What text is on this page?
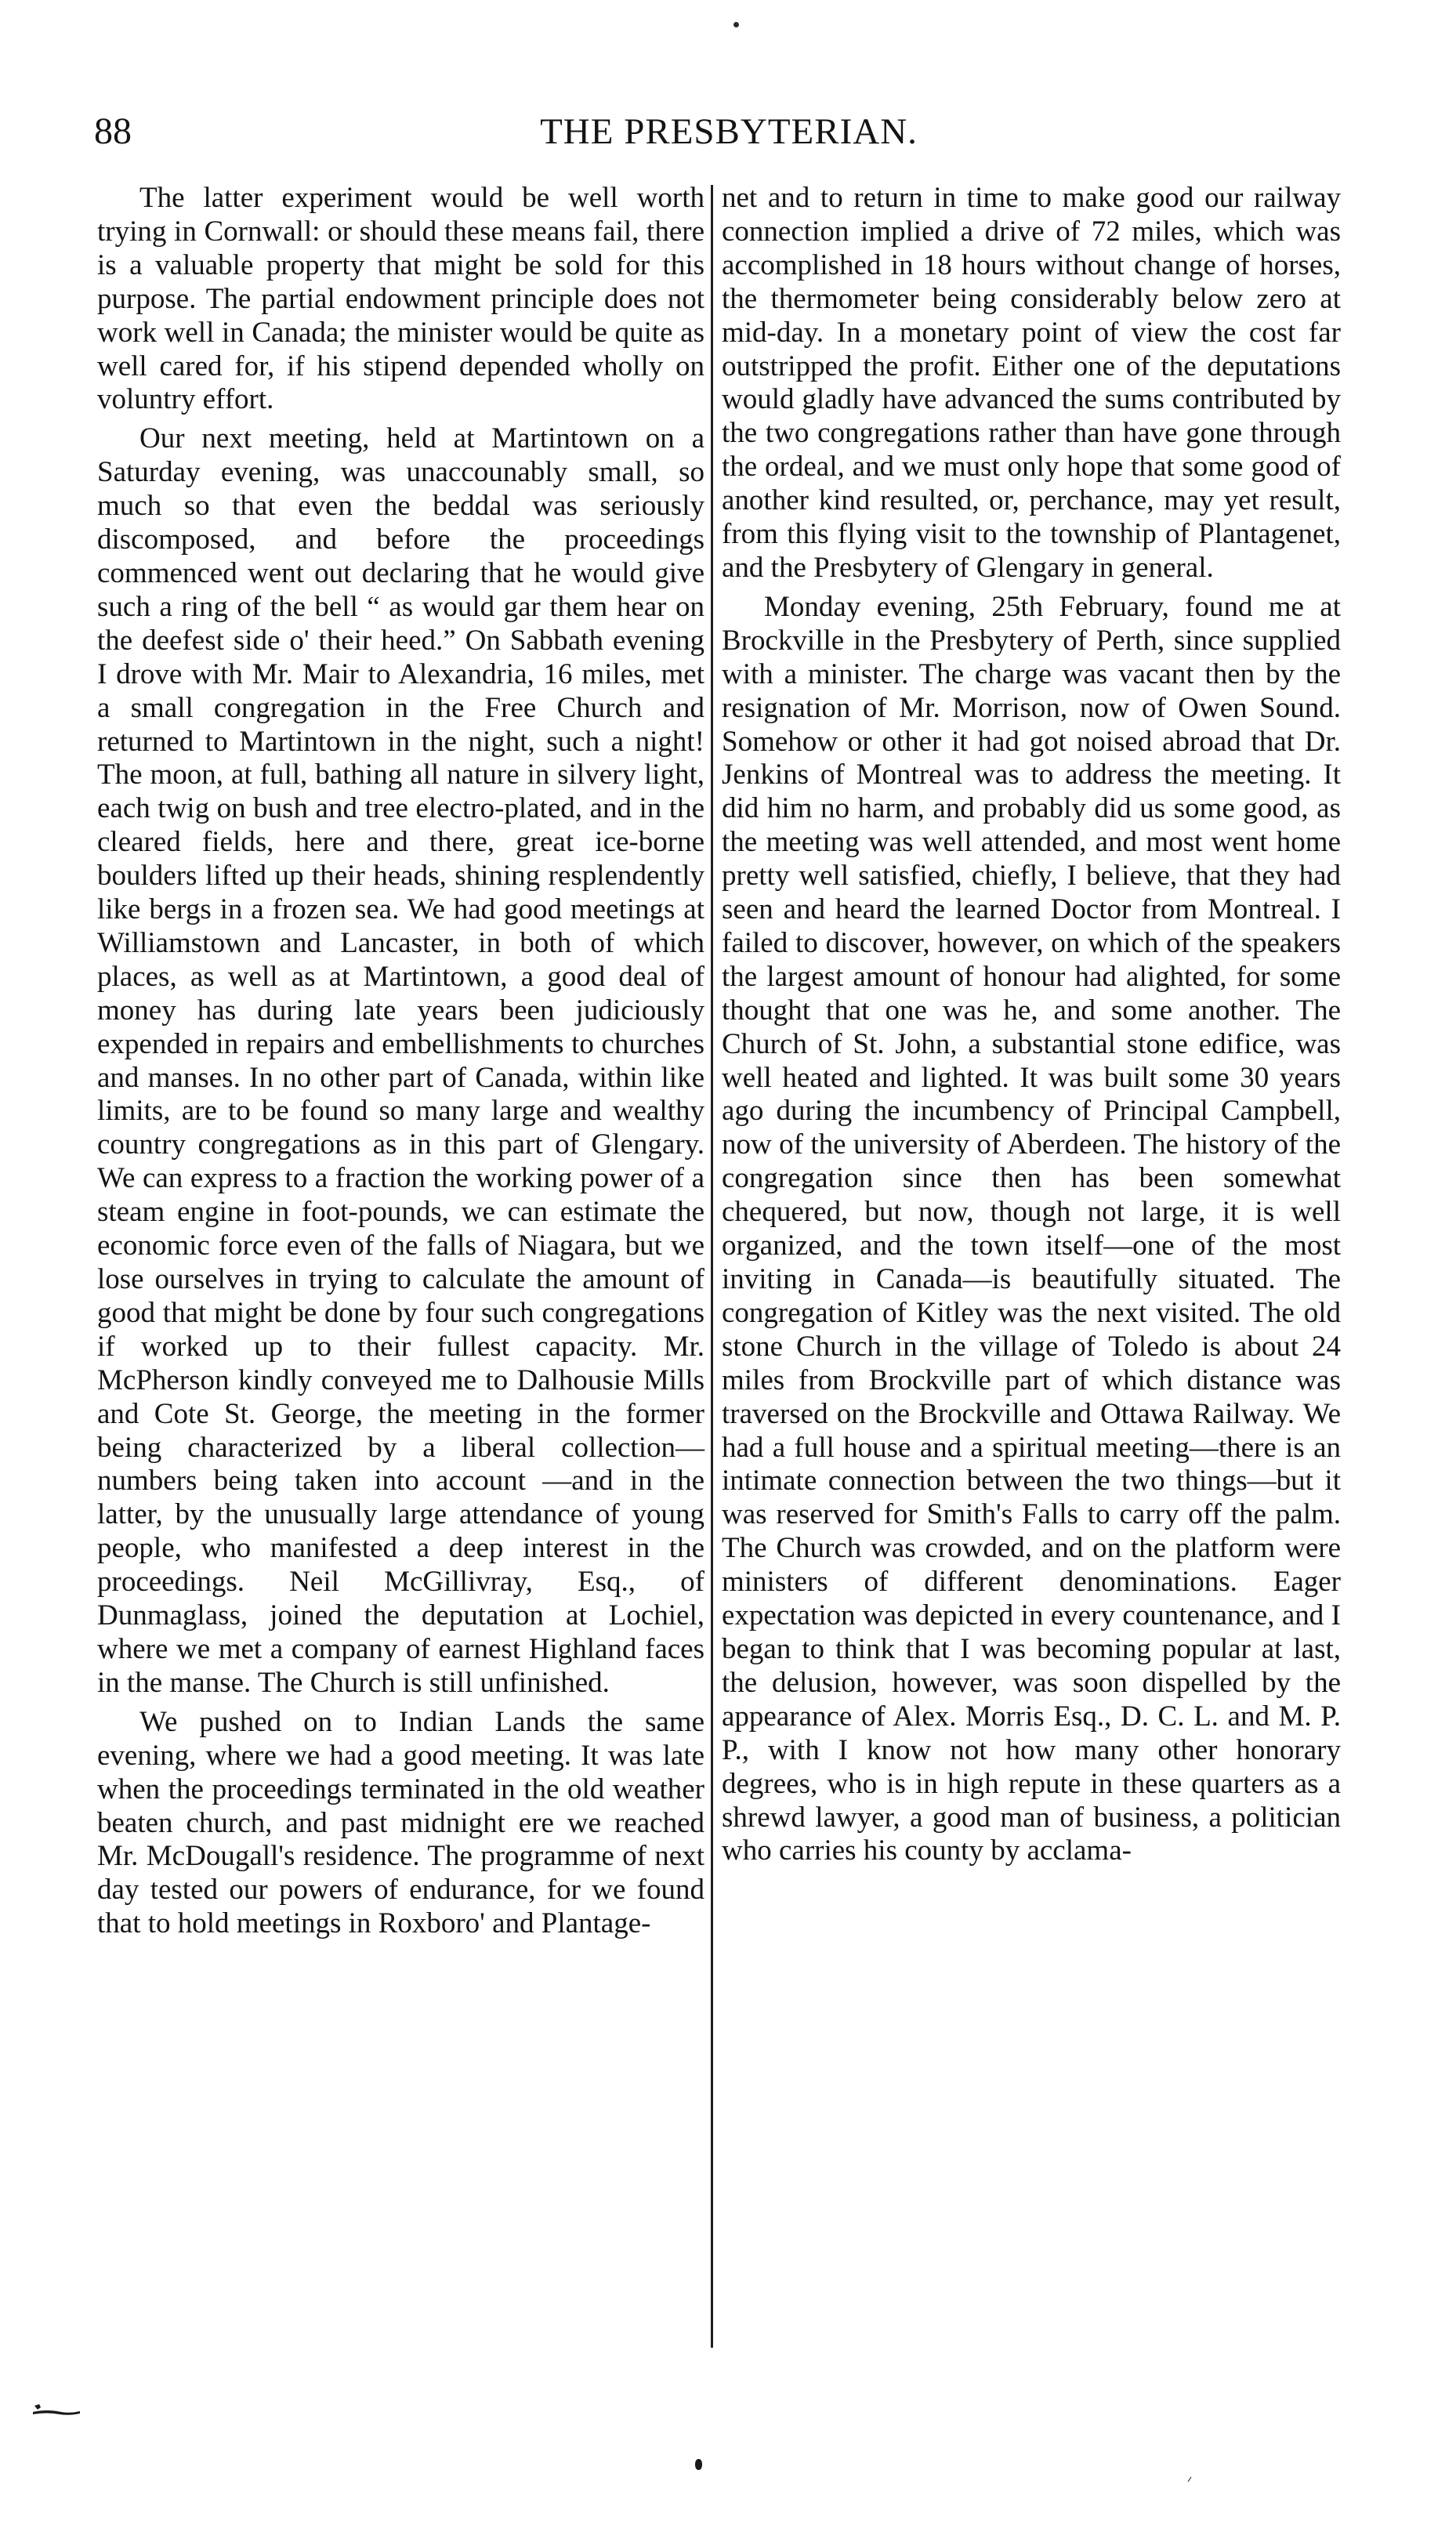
88	THE PRESBYTERIAN.

The latter experiment would be well worth trying in Cornwall: or should these means fail, there is a valuable property that might be sold for this purpose. The partial endowment principle does not work well in Canada; the minister would be quite as well cared for, if his stipend depended wholly on voluntry effort.

Our next meeting, held at Martintown on a Saturday evening, was unaccounably small, so much so that even the beddal was seriously discomposed, and before the proceedings commenced went out declaring that he would give such a ring of the bell “ as would gar them hear on the deefest side o' their heed.” On Sabbath evening I drove with Mr. Mair to Alexandria, 16 miles, met a small congregation in the Free Church and returned to Martintown in the night, such a night! The moon, at full, bathing all nature in silvery light, each twig on bush and tree electro-plated, and in the cleared fields, here and there, great ice-borne boulders lifted up their heads, shining resplendently like bergs in a frozen sea. We had good meetings at Williamstown and Lancaster, in both of which places, as well as at Martintown, a good deal of money has during late years been judiciously expended in repairs and embellishments to churches and manses. In no other part of Canada, within like limits, are to be found so many large and wealthy country congregations as in this part of Glengary. We can express to a fraction the working power of a steam engine in foot-pounds, we can estimate the economic force even of the falls of Niagara, but we lose ourselves in trying to calculate the amount of good that might be done by four such congregations if worked up to their fullest capacity. Mr. McPherson kindly conveyed me to Dalhousie Mills and Cote St. George, the meeting in the former being characterized by a liberal collection—numbers being taken into account —and in the latter, by the unusually large attendance of young people, who manifested a deep interest in the proceedings. Neil McGillivray, Esq., of Dunmaglass, joined the deputation at Lochiel, where we met a company of earnest Highland faces in the manse. The Church is still unfinished.

We pushed on to Indian Lands the same evening, where we had a good meeting. It was late when the proceedings terminated in the old weather beaten church, and past midnight ere we reached Mr. McDougall's residence. The programme of next day tested our powers of endurance, for we found that to hold meetings in Roxboro' and Plantage-

net and to return in time to make good our railway connection implied a drive of 72 miles, which was accomplished in 18 hours without change of horses, the thermometer being considerably below zero at mid-day. In a monetary point of view the cost far outstripped the profit. Either one of the deputations would gladly have advanced the sums contributed by the two congregations rather than have gone through the ordeal, and we must only hope that some good of another kind resulted, or, perchance, may yet result, from this flying visit to the township of Plantagenet, and the Presbytery of Glengary in general.

Monday evening, 25th February, found me at Brockville in the Presbytery of Perth, since supplied with a minister. The charge was vacant then by the resignation of Mr. Morrison, now of Owen Sound. Somehow or other it had got noised abroad that Dr. Jenkins of Montreal was to address the meeting. It did him no harm, and probably did us some good, as the meeting was well attended, and most went home pretty well satisfied, chiefly, I believe, that they had seen and heard the learned Doctor from Montreal. I failed to discover, however, on which of the speakers the largest amount of honour had alighted, for some thought that one was he, and some another. The Church of St. John, a substantial stone edifice, was well heated and lighted. It was built some 30 years ago during the incumbency of Principal Campbell, now of the university of Aberdeen. The history of the congregation since then has been somewhat chequered, but now, though not large, it is well organized, and the town itself—one of the most inviting in Canada—is beautifully situated. The congregation of Kitley was the next visited. The old stone Church in the village of Toledo is about 24 miles from Brockville part of which distance was traversed on the Brockville and Ottawa Railway. We had a full house and a spiritual meeting—there is an intimate connection between the two things—but it was reserved for Smith's Falls to carry off the palm. The Church was crowded, and on the platform were ministers of different denominations. Eager expectation was depicted in every countenance, and I began to think that I was becoming popular at last, the delusion, however, was soon dispelled by the appearance of Alex. Morris Esq., D. C. L. and M. P. P., with I know not how many other honorary degrees, who is in high repute in these quarters as a shrewd lawyer, a good man of business, a politician who carries his county by acclama-
